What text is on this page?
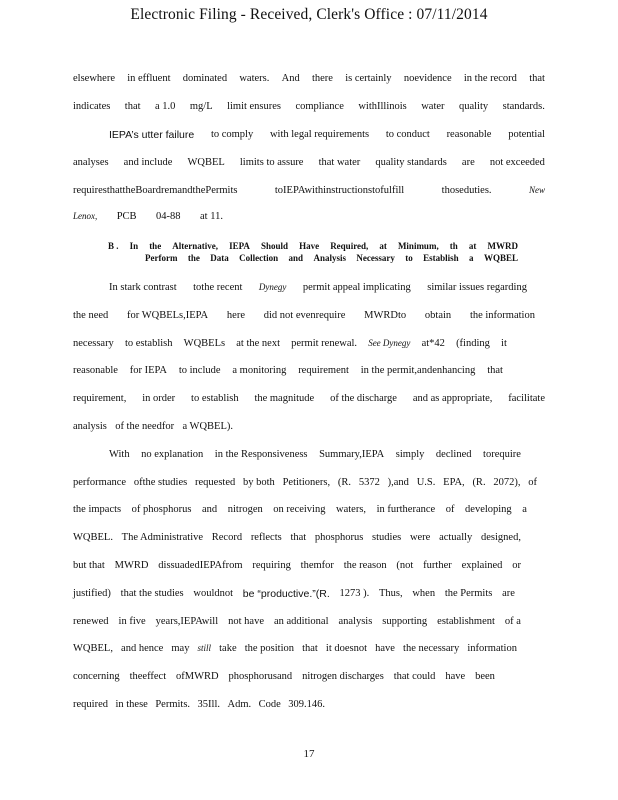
Electronic Filing - Received, Clerk's Office : 07/11/2014
elsewhere in effluent dominated waters. And there is certainly noevidence in the record that
indicates that a 1.0 mg/L limit ensures compliance withIllinois water quality standards.
IEPA’s utter failure to comply with legal requirements to conduct reasonable potential
analyses and include WQBEL limits to assure that water quality standards are not exceeded
requiresthattheBoardremandthePermits	toIEPAwithinstructionstofulfill	thoseduties.	New
Lenox, PCB 04-88 at 11.
B . In the Alternative, IEPA Should Have Required, at Minimum, th at MWRD
Perform the Data Collection and Analysis Necessary to Establish a WQBEL
In stark contrast tothe recent Dynegy permit appeal implicating similar issues regarding
the need for WQBELs,IEPA here did not evenrequire MWRDto obtain the information
necessary to establish WQBELs at the next permit renewal. See Dynegy at*42 (finding it
reasonable for IEPA to include a monitoring requirement in the permit,andenhancing that
requirement, in order to establish the magnitude of the discharge and as appropriate, facilitate
analysis of the needfor a WQBEL).
With no explanation in the Responsiveness Summary,IEPA simply declined torequire
performance ofthe studies requested by both Petitioners, (R. 5372 ),and U.S. EPA, (R. 2072), of
the impacts of phosphorus and nitrogen on receiving waters, in furtherance of developing a
WQBEL. The Administrative Record reflects that phosphorus studies were actually designed,
but that MWRD dissuadedIEPAfrom requiring themfor the reason (not further explained or
justified) that the studies wouldnot be “productive.”(R. 1273 ). Thus, when the Permits are
renewed in five years,IEPAwill not have an additional analysis supporting establishment of a
WQBEL, and hence may still take the position that it doesnot have the necessary information
concerning theeffect ofMWRD phosphorusand nitrogen discharges that could have been
required in these Permits. 35Ill. Adm. Code 309.146.
17
